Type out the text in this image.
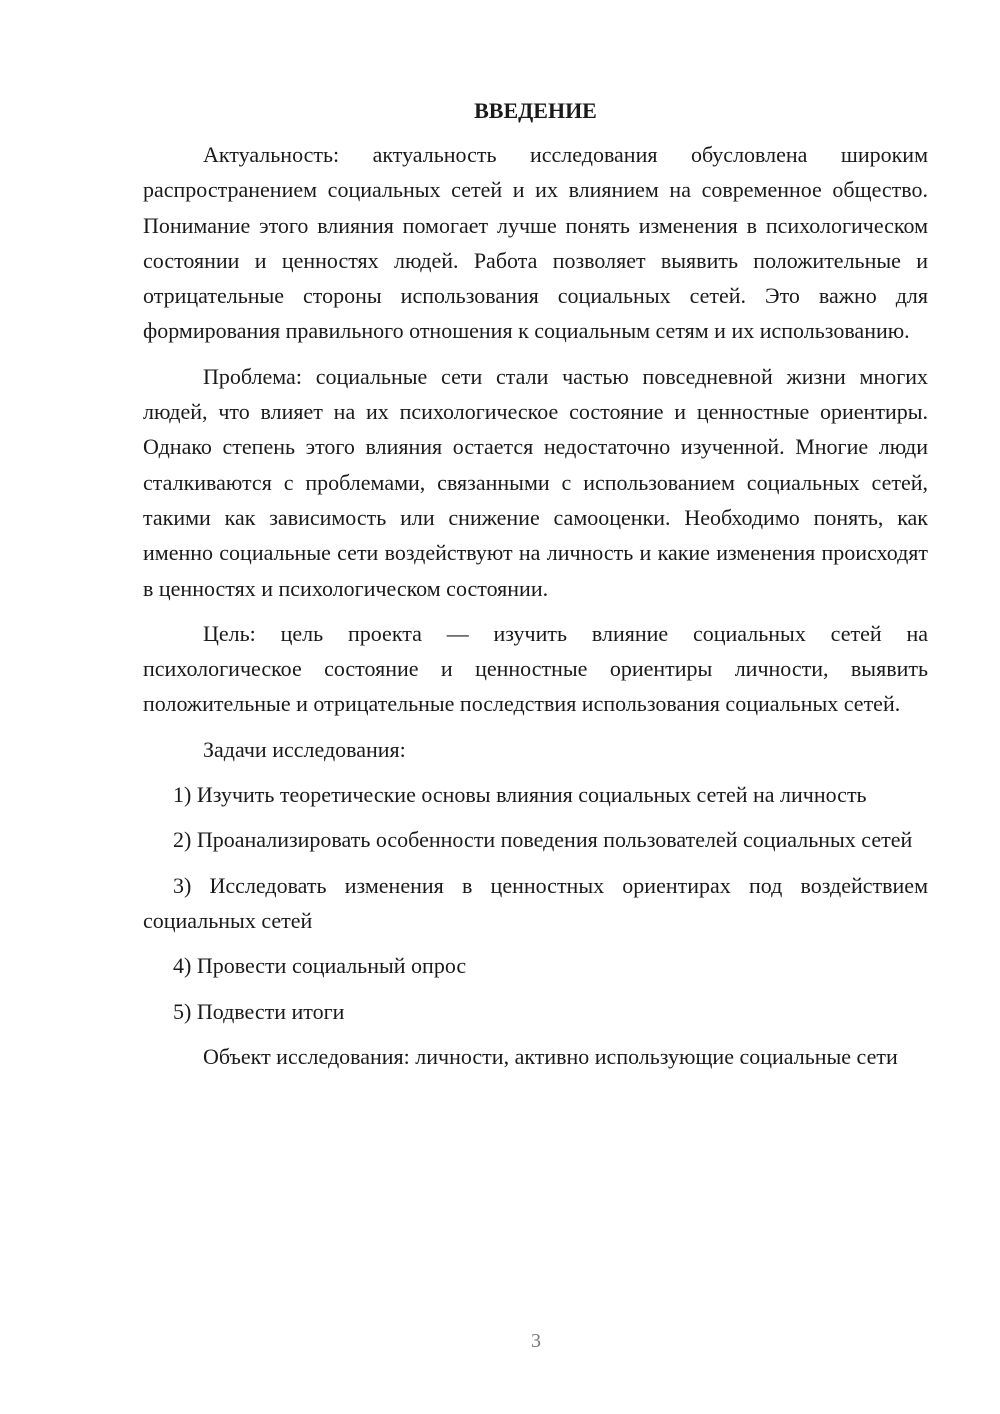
ВВЕДЕНИЕ

Актуальность: актуальность исследования обусловлена широким распространением социальных сетей и их влиянием на современное общество. Понимание этого влияния помогает лучше понять изменения в психологическом состоянии и ценностях людей. Работа позволяет выявить положительные и отрицательные стороны использования социальных сетей. Это важно для формирования правильного отношения к социальным сетям и их использованию.

Проблема: социальные сети стали частью повседневной жизни многих людей, что влияет на их психологическое состояние и ценностные ориентиры. Однако степень этого влияния остается недостаточно изученной. Многие люди сталкиваются с проблемами, связанными с использованием социальных сетей, такими как зависимость или снижение самооценки. Необходимо понять, как именно социальные сети воздействуют на личность и какие изменения происходят в ценностях и психологическом состоянии.

Цель: цель проекта — изучить влияние социальных сетей на психологическое состояние и ценностные ориентиры личности, выявить положительные и отрицательные последствия использования социальных сетей.

Задачи исследования:

1) Изучить теоретические основы влияния социальных сетей на личность

2) Проанализировать особенности поведения пользователей социальных сетей

3) Исследовать изменения в ценностных ориентирах под воздействием социальных сетей

4) Провести социальный опрос

5) Подвести итоги

Объект исследования: личности, активно использующие социальные сети

3
